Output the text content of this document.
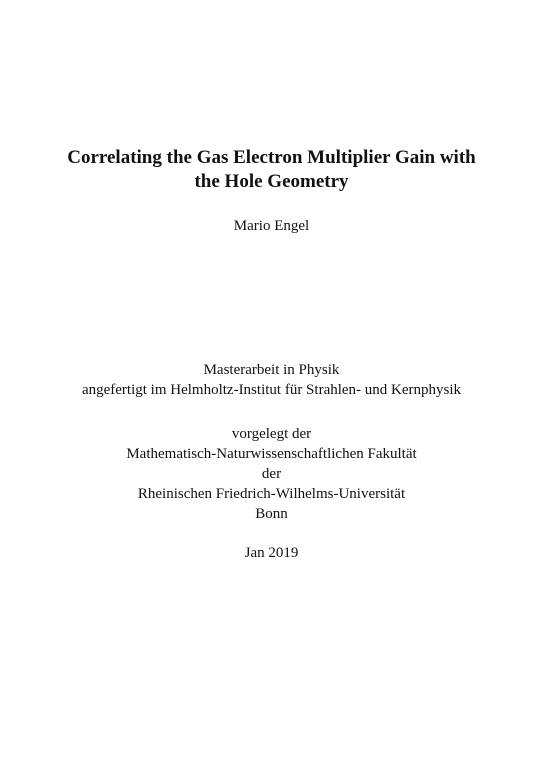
Correlating the Gas Electron Multiplier Gain with
the Hole Geometry
Mario Engel
Masterarbeit in Physik
angefertigt im Helmholtz-Institut für Strahlen- und Kernphysik
vorgelegt der
Mathematisch-Naturwissenschaftlichen Fakultät
der
Rheinischen Friedrich-Wilhelms-Universität
Bonn
Jan 2019
